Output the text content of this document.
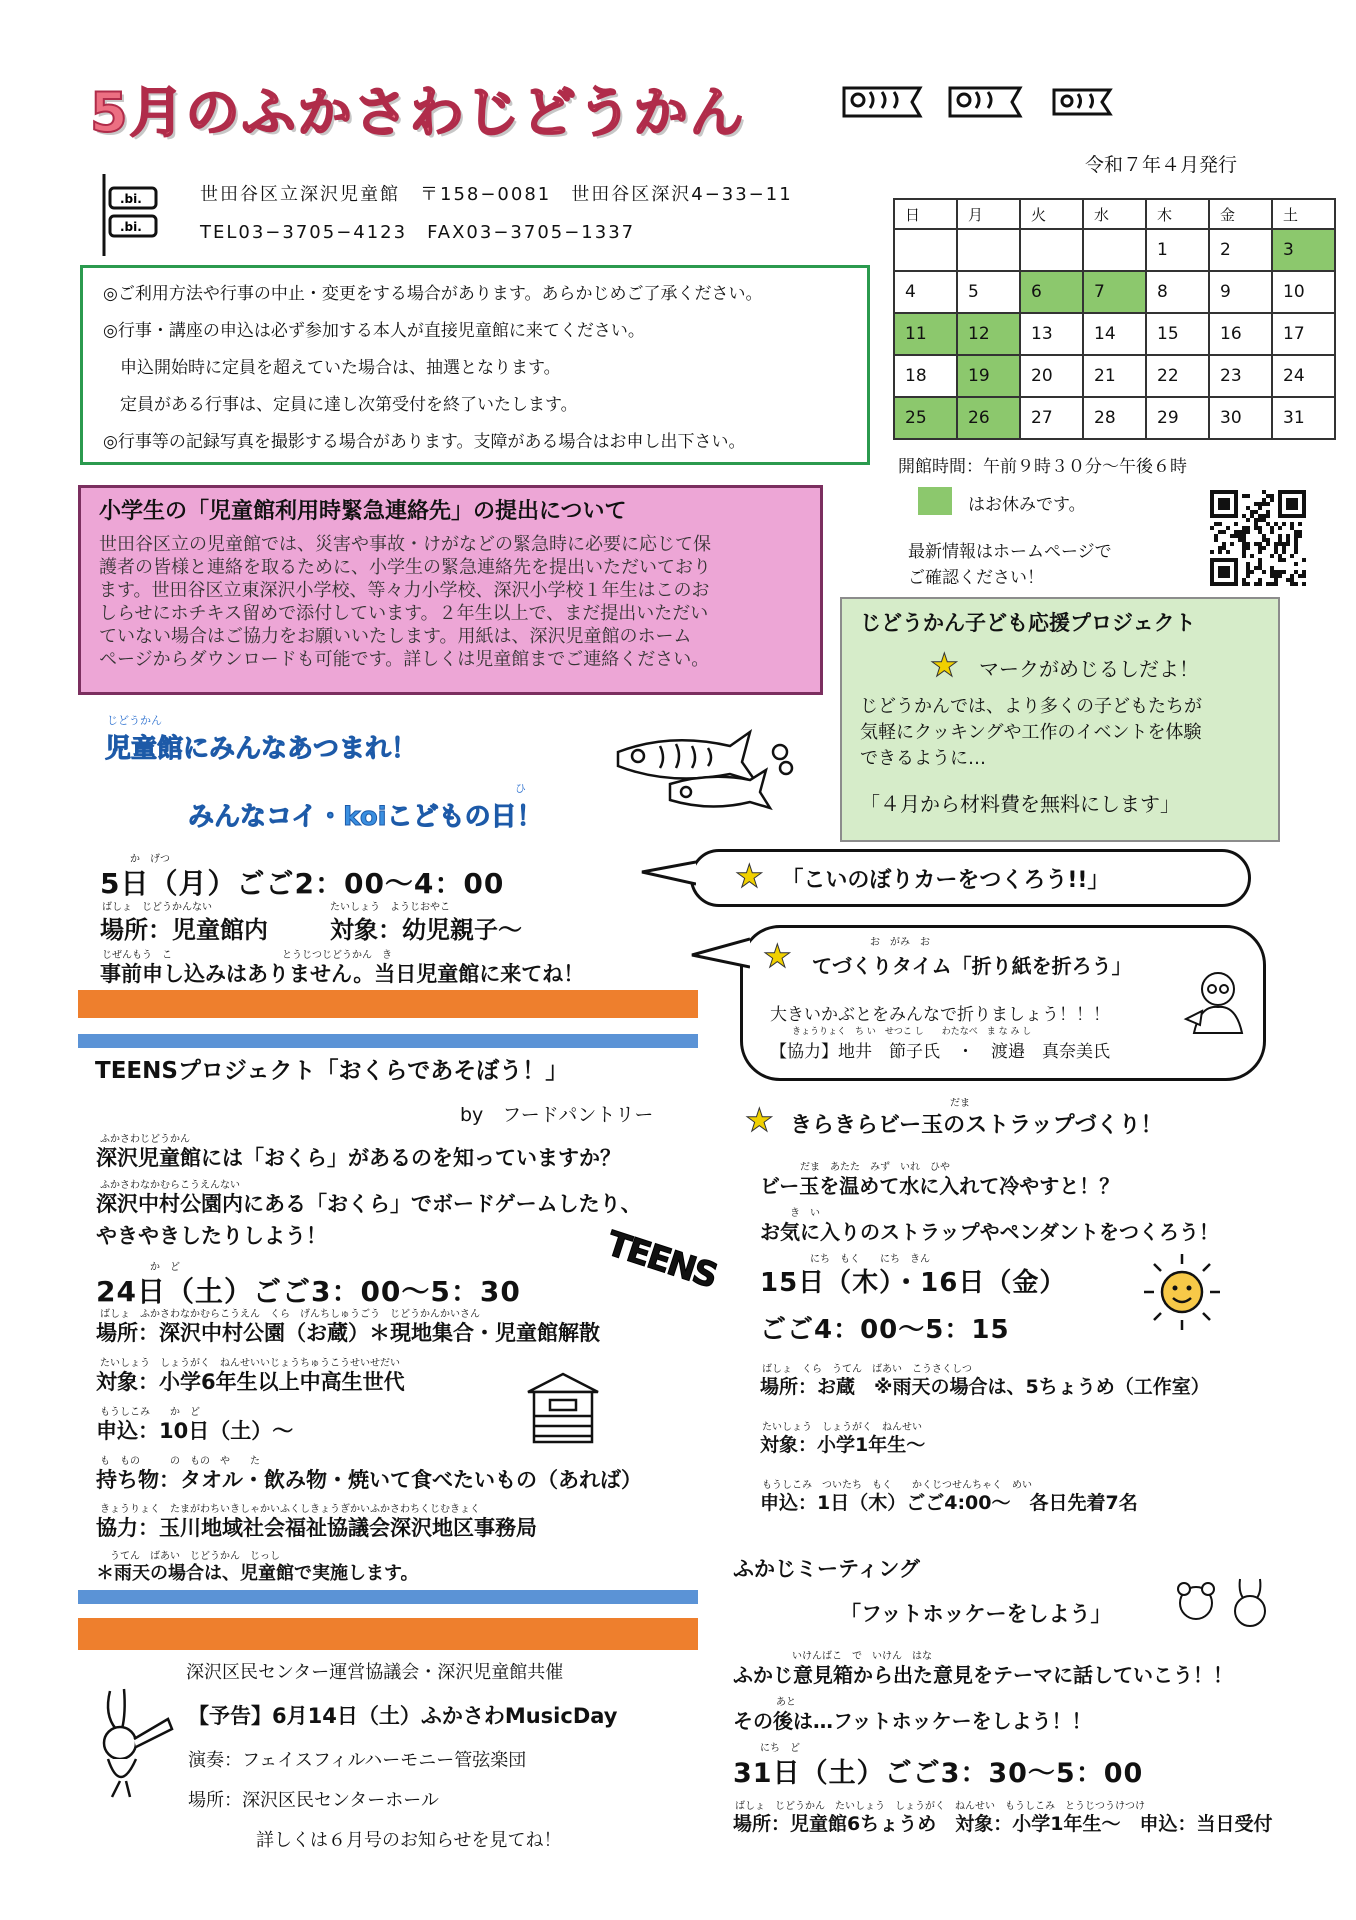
5月のふかさわじどうかん
令和７年４月発行
.bi.
.bi.
世田谷区立深沢児童館　〒158−0081　世田谷区深沢4−33−11
TEL03−3705−4123　FAX03−3705−1337

◎ご利用方法や行事の中止・変更をする場合があります。あらかじめご了承ください。

◎行事・講座の申込は必ず参加する本人が直接児童館に来てください。

　申込開始時に定員を超えていた場合は、抽選となります。

　定員がある行事は、定員に達し次第受付を終了いたします。

◎行事等の記録写真を撮影する場合があります。支障がある場合はお申し出下さい。

日	月	火	水	木	金	土
				1	2	3
4	5	6	7	8	9	10
11	12	13	14	15	16	17
18	19	20	21	22	23	24
25	26	27	28	29	30	31
開館時間：午前９時３０分〜午後６時
はお休みです。
最新情報はホームページで
ご確認ください！
小学生の「児童館利用時緊急連絡先」の提出について
世田谷区立の児童館では、災害や事故・けがなどの緊急時に必要に応じて保
護者の皆様と連絡を取るために、小学生の緊急連絡先を提出いただいており
ます。世田谷区立東深沢小学校、等々力小学校、深沢小学校１年生はこのお
しらせにホチキス留めで添付しています。２年生以上で、まだ提出いただい
ていない場合はご協力をお願いいたします。用紙は、深沢児童館のホーム
ページからダウンロードも可能です。詳しくは児童館までご連絡ください。
じどうかん子ども応援プロジェクト
★ マークがめじるしだよ！
じどうかんでは、より多くの子どもたちが
気軽にクッキングや工作のイベントを体験
できるように…
「４月から材料費を無料にします」
じどうかん
児童館にみんなあつまれ！
みんなコイ・koiこどもの日！
ひ
か　げつ
5日（月）ごご2：00〜4：00
ばしょ　じどうかんない
場所：児童館内
たいしょう　ようじおやこ
対象：幼児親子〜
じぜんもう　こ　　　　　　　　　　　とうじつじどうかん　き
事前申し込みはありません。当日児童館に来てね！
★ 「こいのぼりカーをつくろう!!」
★	お　がみ　お
てづくりタイム「折り紙を折ろう」
大きいかぶとをみんなで折りましょう！！！
きょうりょく　ち い　せつこ し　　わたなべ　ま な み し
【協力】地井　節子氏　・　渡邉　真奈美氏
TEENSプロジェクト「おくらであそぼう！」
by　フードパントリー
ふかさわじどうかん
深沢児童館には「おくら」があるのを知っていますか？
ふかさわなかむらこうえんない
深沢中村公園内にある「おくら」でボードゲームしたり、
やきやきしたりしよう！	TEENS
か　ど
24日（土）ごご3：00〜5：30
ばしょ　ふかさわなかむらこうえん　くら　げんちしゅうごう　じどうかんかいさん
場所：深沢中村公園（お蔵）＊現地集合・児童館解散
たいしょう　しょうがく　ねんせいいじょうちゅうこうせいせだい
対象：小学6年生以上中高生世代
もうしこみ　　か　ど
申込：10日（土）〜
も　もの　　　の　もの　や　　た
持ち物：タオル・飲み物・焼いて食べたいもの（あれば）
きょうりょく　たまがわちいきしゃかいふくしきょうぎかいふかさわちくじむきょく
協力：玉川地域社会福祉協議会深沢地区事務局
うてん　ばあい　じどうかん　じっし
＊雨天の場合は、児童館で実施します。
深沢区民センター運営協議会・深沢児童館共催
【予告】6月14日（土）ふかさわMusicDay
演奏：フェイスフィルハーモニー管弦楽団
場所：深沢区民センターホール
詳しくは６月号のお知らせを見てね！
だま
★ きらきらビー玉のストラップづくり！
だま　あたた　みず　いれ　ひや
ビー玉を温めて水に入れて冷やすと！？
き　い
お気に入りのストラップやペンダントをつくろう！
にち　もく　　にち　きん
15日（木）・16日（金）
ごご4：00〜5：15
ばしょ　くら　うてん　ばあい　こうさくしつ
場所：お蔵　※雨天の場合は、5ちょうめ（工作室）
たいしょう　しょうがく　ねんせい
対象：小学1年生〜
もうしこみ　ついたち　もく　　かくじつせんちゃく　めい
申込：1日（木）ごご4:00〜　各日先着7名
ふかじミーティング
「フットホッケーをしよう」
いけんばこ　で　いけん　はな
ふかじ意見箱から出た意見をテーマに話していこう！！
あと
その後は…フットホッケーをしよう！！
にち　ど
31日（土）ごご3：30〜5：00
ばしょ　じどうかん　たいしょう　しょうがく　ねんせい　もうしこみ　とうじつうけつけ
場所：児童館6ちょうめ　対象：小学1年生〜　申込：当日受付
